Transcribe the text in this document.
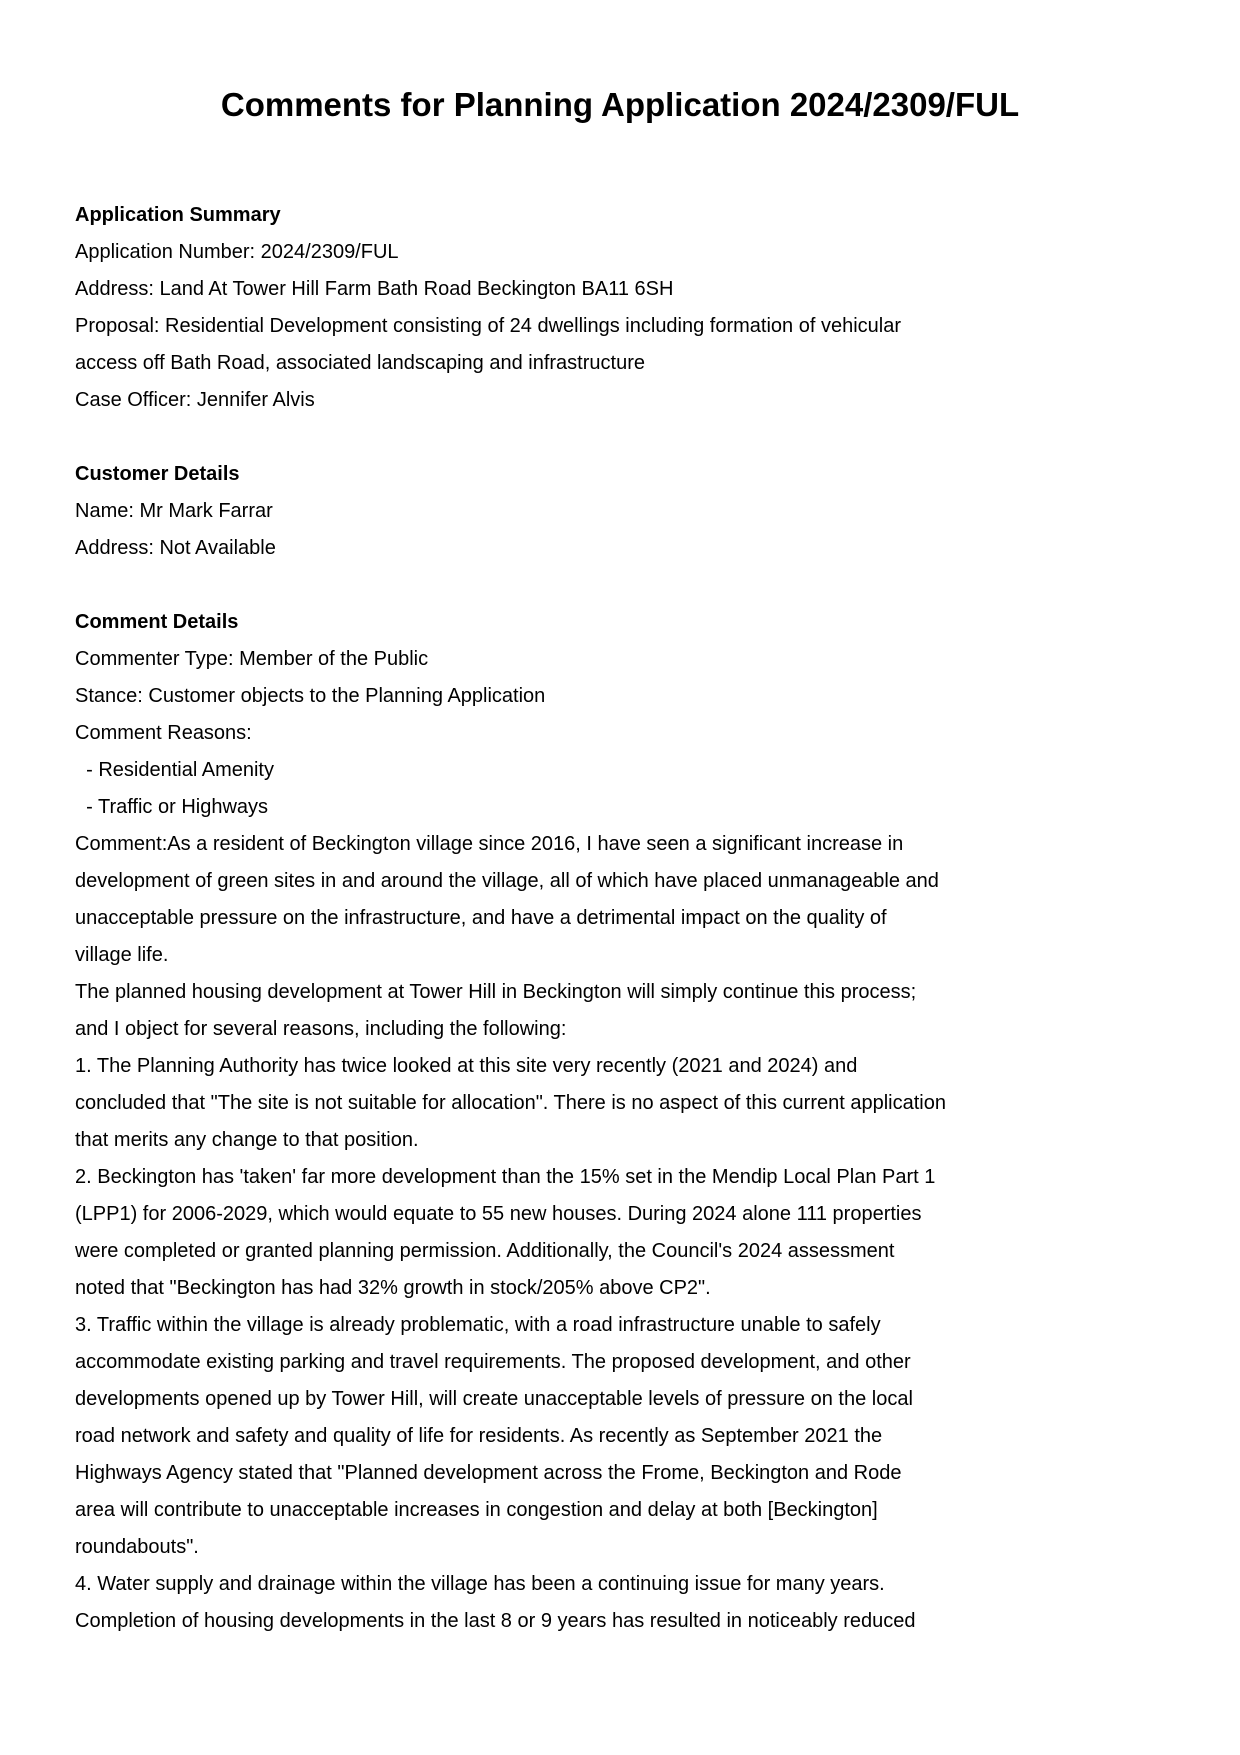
Comments for Planning Application 2024/2309/FUL

Application Summary

Application Number: 2024/2309/FUL

Address: Land At Tower Hill Farm Bath Road Beckington BA11 6SH

Proposal: Residential Development consisting of 24 dwellings including formation of vehicular

access off Bath Road, associated landscaping and infrastructure

Case Officer: Jennifer Alvis

Customer Details

Name: Mr Mark Farrar

Address: Not Available

Comment Details

Commenter Type: Member of the Public

Stance: Customer objects to the Planning Application

Comment Reasons:

- Residential Amenity

- Traffic or Highways

Comment:As a resident of Beckington village since 2016, I have seen a significant increase in

development of green sites in and around the village, all of which have placed unmanageable and

unacceptable pressure on the infrastructure, and have a detrimental impact on the quality of

village life.

The planned housing development at Tower Hill in Beckington will simply continue this process;

and I object for several reasons, including the following:

1. The Planning Authority has twice looked at this site very recently (2021 and 2024) and

concluded that "The site is not suitable for allocation". There is no aspect of this current application

that merits any change to that position.

2. Beckington has 'taken' far more development than the 15% set in the Mendip Local Plan Part 1

(LPP1) for 2006-2029, which would equate to 55 new houses. During 2024 alone 111 properties

were completed or granted planning permission. Additionally, the Council's 2024 assessment

noted that "Beckington has had 32% growth in stock/205% above CP2".

3. Traffic within the village is already problematic, with a road infrastructure unable to safely

accommodate existing parking and travel requirements. The proposed development, and other

developments opened up by Tower Hill, will create unacceptable levels of pressure on the local

road network and safety and quality of life for residents. As recently as September 2021 the

Highways Agency stated that "Planned development across the Frome, Beckington and Rode

area will contribute to unacceptable increases in congestion and delay at both [Beckington]

roundabouts".

4. Water supply and drainage within the village has been a continuing issue for many years.

Completion of housing developments in the last 8 or 9 years has resulted in noticeably reduced
